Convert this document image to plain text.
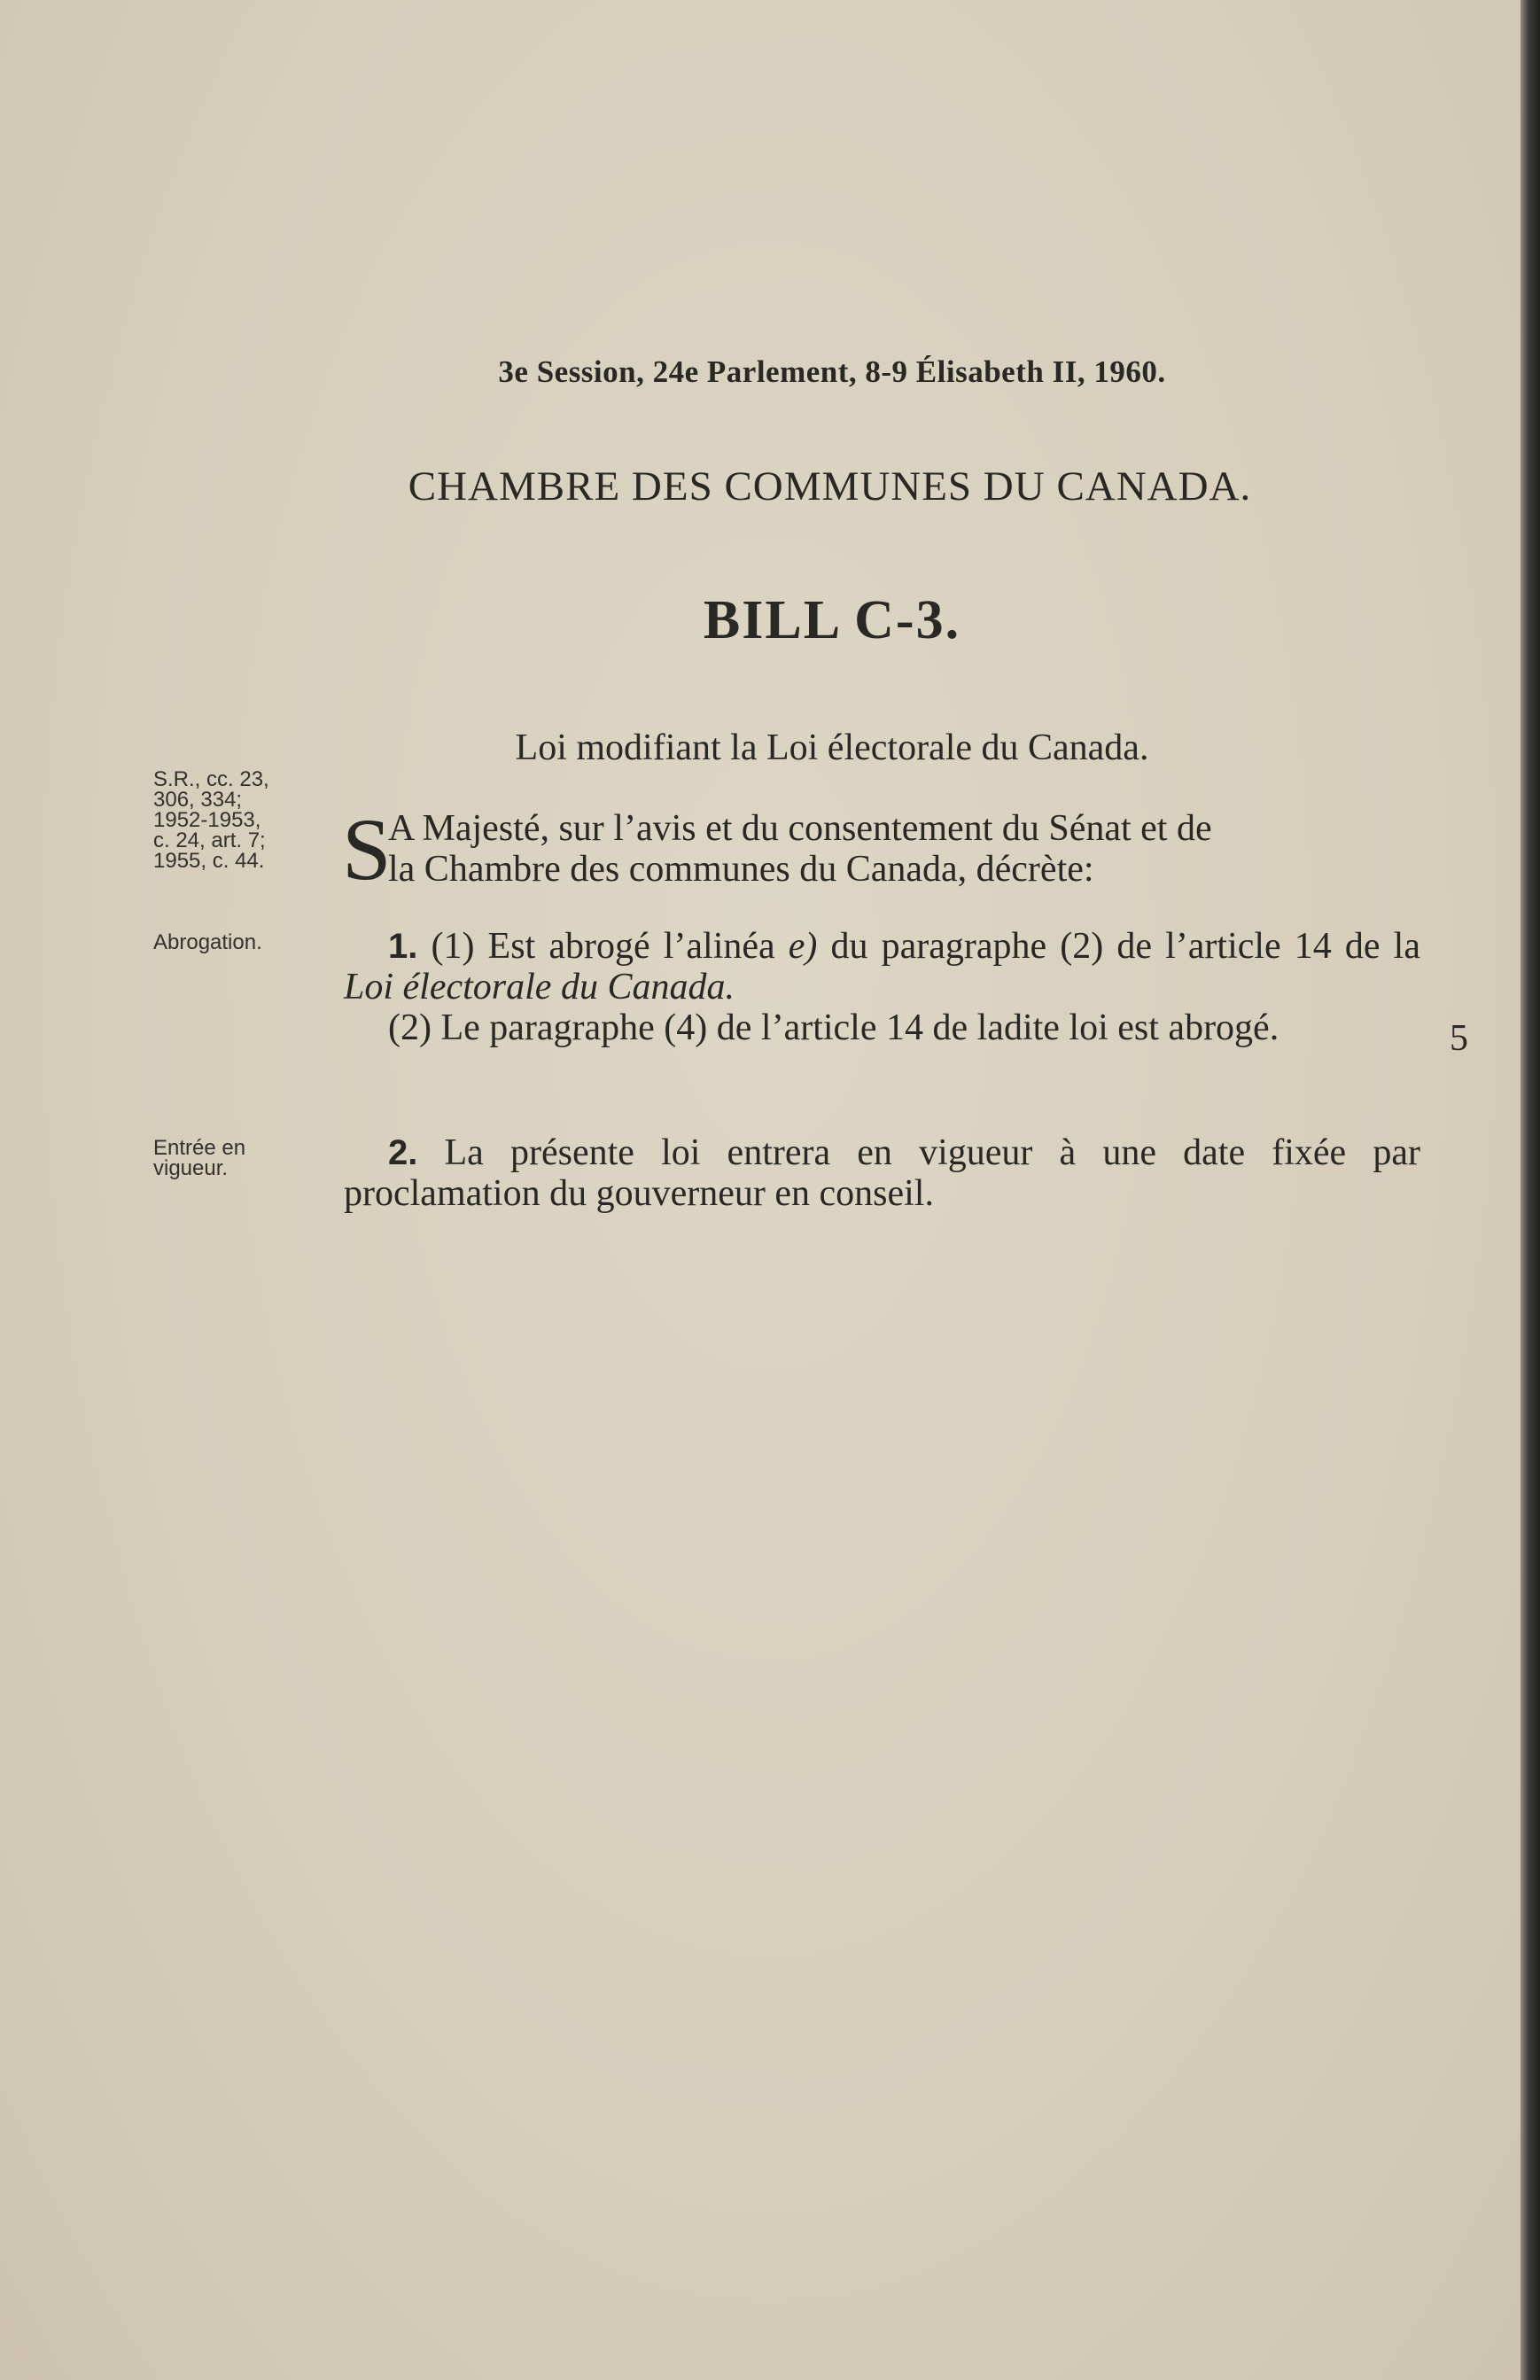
3e Session, 24e Parlement, 8-9 Élisabeth II, 1960.
CHAMBRE DES COMMUNES DU CANADA.
BILL C-3.
Loi modifiant la Loi électorale du Canada.
S.R., cc. 23,
306, 334;
1952-1953,
c. 24, art. 7;
1955, c. 44.
Abrogation.
Entrée en
vigueur.
S

A Majesté, sur l’avis et du consentement du Sénat et de

la Chambre des communes du Canada, décrète:

1. (1) Est abrogé l’alinéa e) du paragraphe (2) de l’article 14 de la Loi électorale du Canada.

(2) Le paragraphe (4) de l’article 14 de ladite loi est abrogé.	5

2. La présente loi entrera en vigueur à une date fixée par proclamation du gouverneur en conseil.
